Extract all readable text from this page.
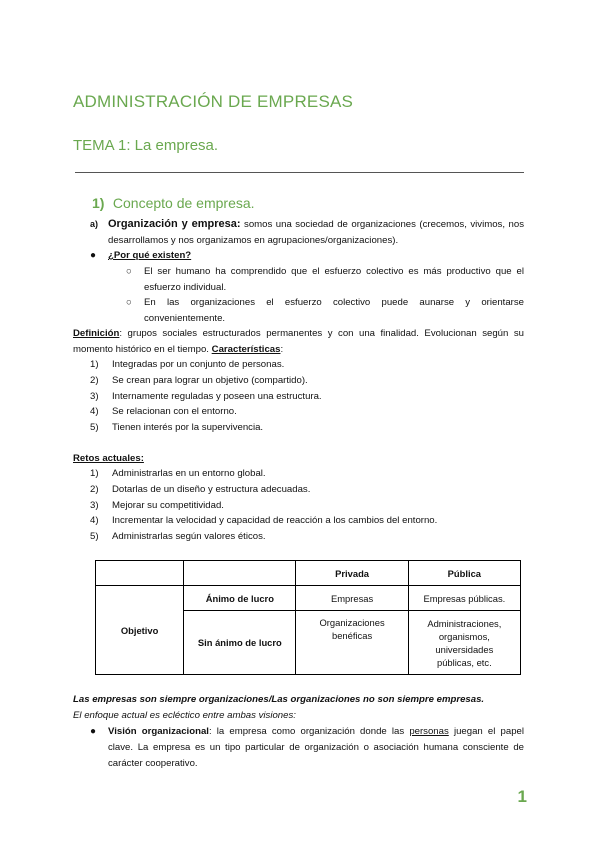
ADMINISTRACIÓN DE EMPRESAS
TEMA 1: La empresa.
1) Concepto de empresa.
a) Organización y empresa: somos una sociedad de organizaciones (crecemos, vivimos, nos desarrollamos y nos organizamos en agrupaciones/organizaciones).
●	¿Por qué existen?
○	El ser humano ha comprendido que el esfuerzo colectivo es más productivo que el esfuerzo individual.
○	En las organizaciones el esfuerzo colectivo puede aunarse y orientarse convenientemente.
Definición: grupos sociales estructurados permanentes y con una finalidad. Evolucionan según su momento histórico en el tiempo. Características:
1) Integradas por un conjunto de personas.
2) Se crean para lograr un objetivo (compartido).
3) Internamente reguladas y poseen una estructura.
4) Se relacionan con el entorno.
5) Tienen interés por la supervivencia.
Retos actuales:
1) Administrarlas en un entorno global.
2) Dotarlas de un diseño y estructura adecuadas.
3) Mejorar su competitividad.
4) Incrementar la velocidad y capacidad de reacción a los cambios del entorno.
5) Administrarlas según valores éticos.
		Privada	Pública
Objetivo	Ánimo de lucro	Empresas	Empresas públicas.
	Sin ánimo de lucro	Organizaciones benéficas	Administraciones, organismos, universidades públicas, etc.
Las empresas son siempre organizaciones/Las organizaciones no son siempre empresas.
El enfoque actual es ecléctico entre ambas visiones:
●	Visión organizacional: la empresa como organización donde las personas juegan el papel clave. La empresa es un tipo particular de organización o asociación humana consciente de carácter cooperativo.
1
